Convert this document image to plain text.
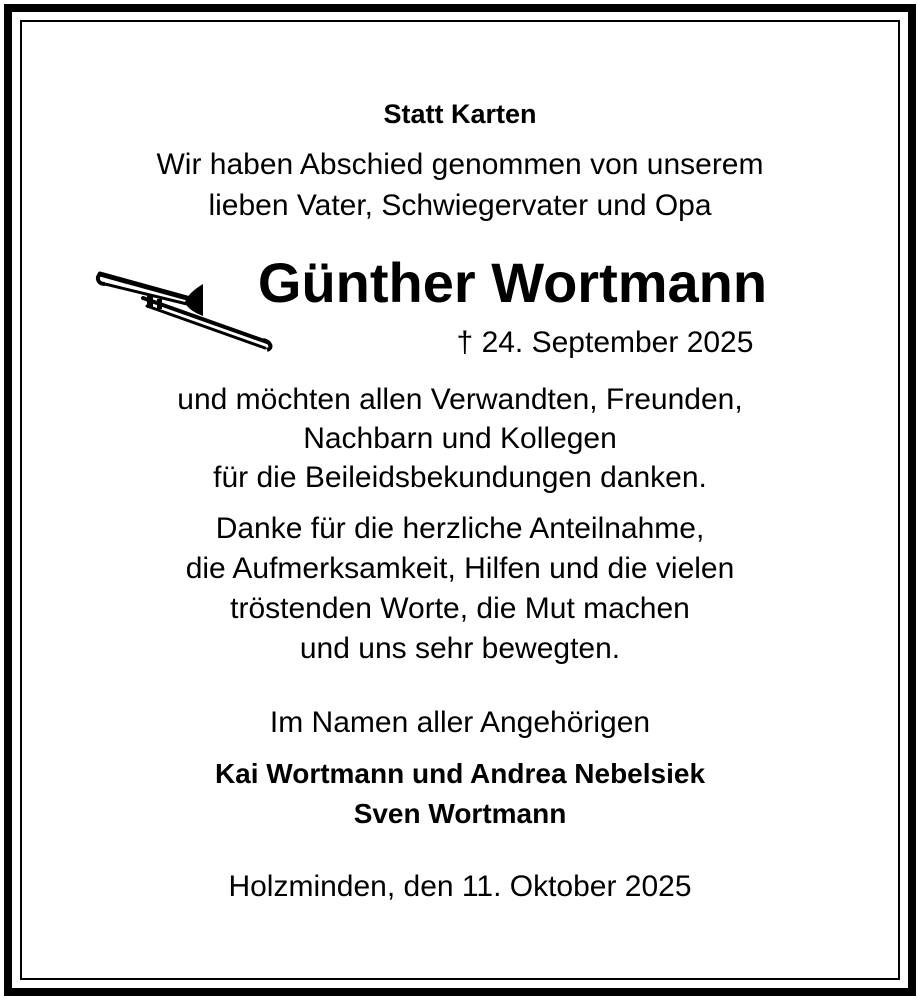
Statt Karten
Wir haben Abschied genommen von unserem
lieben Vater, Schwiegervater und Opa
Günther Wortmann
† 24. September 2025
und möchten allen Verwandten, Freunden,
Nachbarn und Kollegen
für die Beileidsbekundungen danken.
Danke für die herzliche Anteilnahme,
die Aufmerksamkeit, Hilfen und die vielen
tröstenden Worte, die Mut machen
und uns sehr bewegten.
Im Namen aller Angehörigen
Kai Wortmann und Andrea Nebelsiek
Sven Wortmann
Holzminden, den 11. Oktober 2025
